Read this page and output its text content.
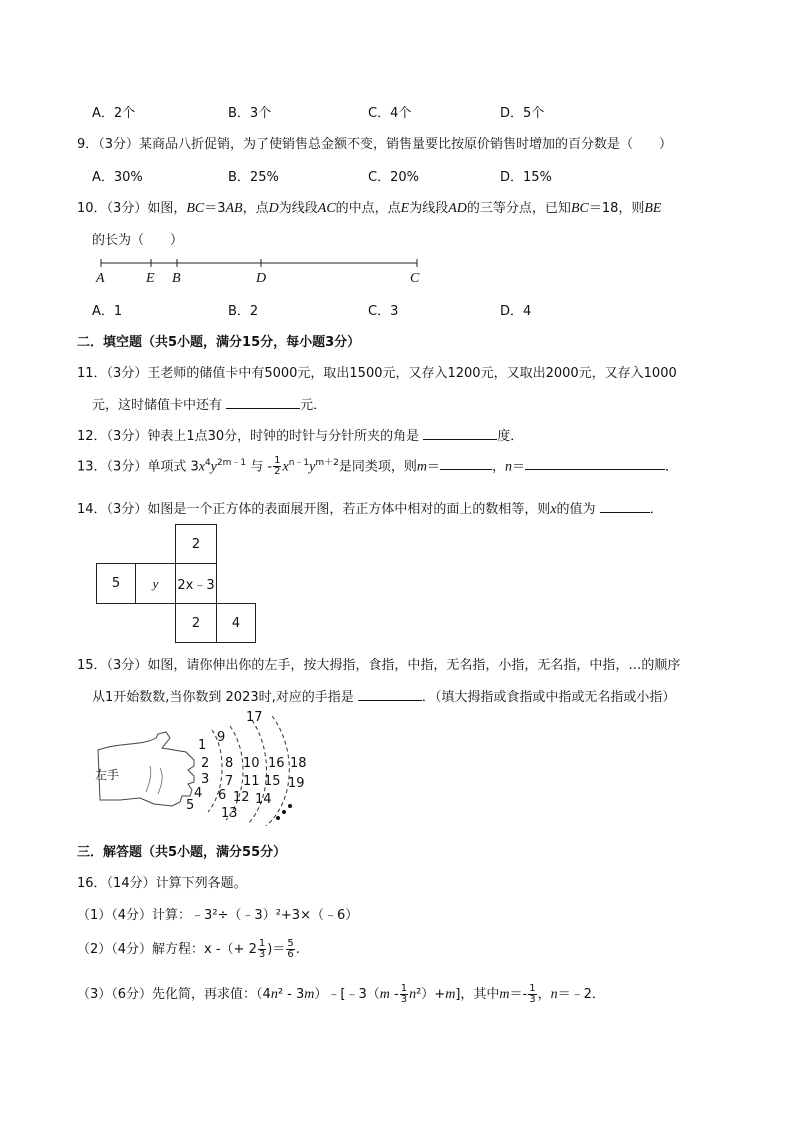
A．2个	B．3个	C．4个	D．5个
9．（3分）某商品八折促销，为了使销售总金额不变，销售量要比按原价销售时增加的百分数是（　　）
A．30%	B．25%	C．20%	D．15%
10．（3分）如图，BC＝3AB，点D为线段AC的中点，点E为线段AD的三等分点，已知BC＝18，则BE
的长为（　　）
A	E B	D	C
A．1	B．2	C．3	D．4
二．填空题（共5小题，满分15分，每小题3分）
11．（3分）王老师的储值卡中有5000元，取出1500元，又存入1200元，又取出2000元，又存入1000
元，这时储值卡中还有	元．
12．（3分）钟表上1点30分，时钟的时针与分针所夹的角是	度．
13．（3分）单项式 $3x^4y^{2m﹣1}$ 与 - $\frac{1}{2} x^{n﹣1}y^{m+2}$是同类项，则m＝	，n＝	．
14．（3分）如图是一个正方体的表面展开图，若正方体中相对的面上的数相等，则x的值为	．
2
5	y	2x﹣3
2	4
15．（3分）如图，请你伸出你的左手，按大拇指，食指，中指，无名指，小指，无名指，中指，…的顺序
从1开始数数,当你数到 2023时,对应的手指是	．（填大拇指或食指或中指或无名指或小指）
左手
1
2
3
4
5
6
7
8
9
10
11
12
13
14
15
16
17
18
19
三．解答题（共5小题，满分55分）
16．（14分）计算下列各题。
（1）（4分）计算：﹣3²÷（﹣3）²+3×（﹣6）
（2）（4分）解方程：x -（+ $2 \frac{1}{3}$ )＝ $\frac{5}{6}$ .
（3）（6分）先化简，再求值：（4n² - 3m）﹣[﹣3（m - $\frac{1}{3} n^2)+m$]，其中$m=- \frac{1}{3}$ ，n＝﹣2．
